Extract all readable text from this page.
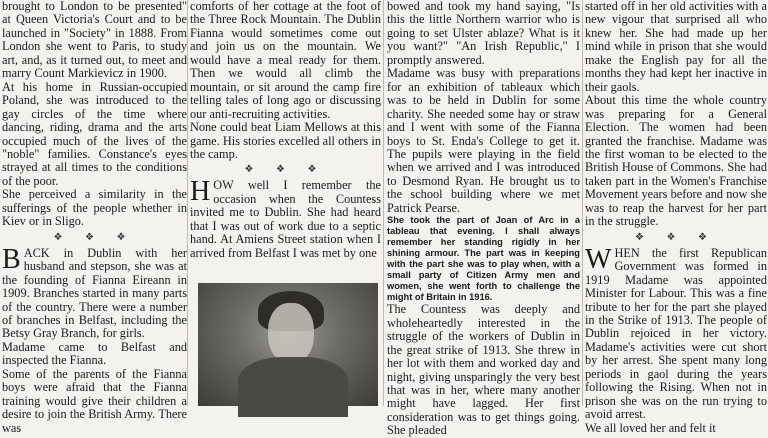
brought to London to be presented" at Queen Victoria's Court and to be launched in "Society" in 1888. From London she went to Paris, to study art, and, as it turned out, to meet and marry Count Markievicz in 1900.

At his home in Russian-occupied Poland, she was introduced to the gay circles of the time where dancing, riding, drama and the arts occupied much of the lives of the "noble" families. Constance's eyes strayed at all times to the conditions of the poor.

She perceived a similarity in the sufferings of the people whether in Kiev or in Sligo.

❖ ❖ ❖

BACK in Dublin with her husband and stepson, she was at the founding of Fianna Eireann in 1909. Branches started in many parts of the country. There were a number of branches in Belfast, including the Betsy Gray Branch, for girls.

Madame came to Belfast and inspected the Fianna.

Some of the parents of the Fianna boys were afraid that the Fianna training would give their children a desire to join the British Army. There was

comforts of her cottage at the foot of the Three Rock Mountain. The Dublin Fianna would sometimes come out and join us on the mountain. We would have a meal ready for them. Then we would all climb the mountain, or sit around the camp fire telling tales of long ago or discussing our anti-recruiting activities.

None could beat Liam Mellows at this game. His stories excelled all others in the camp.

❖ ❖ ❖

HOW well I remember the occasion when the Countess invited me to Dublin. She had heard that I was out of work due to a septic hand. At Amiens Street station when I arrived from Belfast I was met by one

bowed and took my hand saying, "Is this the little Northern warrior who is going to set Ulster ablaze? What is it you want?" "An Irish Republic," I promptly answered.

Madame was busy with preparations for an exhibition of tableaux which was to be held in Dublin for some charity. She needed some hay or straw and I went with some of the Fianna boys to St. Enda's College to get it. The pupils were playing in the field when we arrived and I was introduced to Desmond Ryan. He brought us to the school building where we met Patrick Pearse.

She took the part of Joan of Arc in a tableau that evening. I shall always remember her standing rigidly in her shining armour. The part was in keeping with the part she was to play when, with a small party of Citizen Army men and women, she went forth to challenge the might of Britain in 1916.

The Countess was deeply and wholeheartedly interested in the struggle of the workers of Dublin in the great strike of 1913. She threw in her lot with them and worked day and night, giving unsparingly the very best that was in her, where many another might have lagged. Her first consideration was to get things going. She pleaded

started off in her old activities with a new vigour that surprised all who knew her. She had made up her mind while in prison that she would make the English pay for all the months they had kept her inactive in their gaols.

About this time the whole country was preparing for a General Election. The women had been granted the franchise. Madame was the first woman to be elected to the British House of Commons. She had taken part in the Women's Franchise Movement years before and now she was to reap the harvest for her part in the struggle.

❖ ❖ ❖

WHEN the first Republican Government was formed in 1919 Madame was appointed Minister for Labour. This was a fine tribute to her for the part she played in the Strike of 1913. The people of Dublin rejoiced in her victory. Madame's activities were cut short by her arrest. She spent many long periods in gaol during the years following the Rising. When not in prison she was on the run trying to avoid arrest.

We all loved her and felt it
